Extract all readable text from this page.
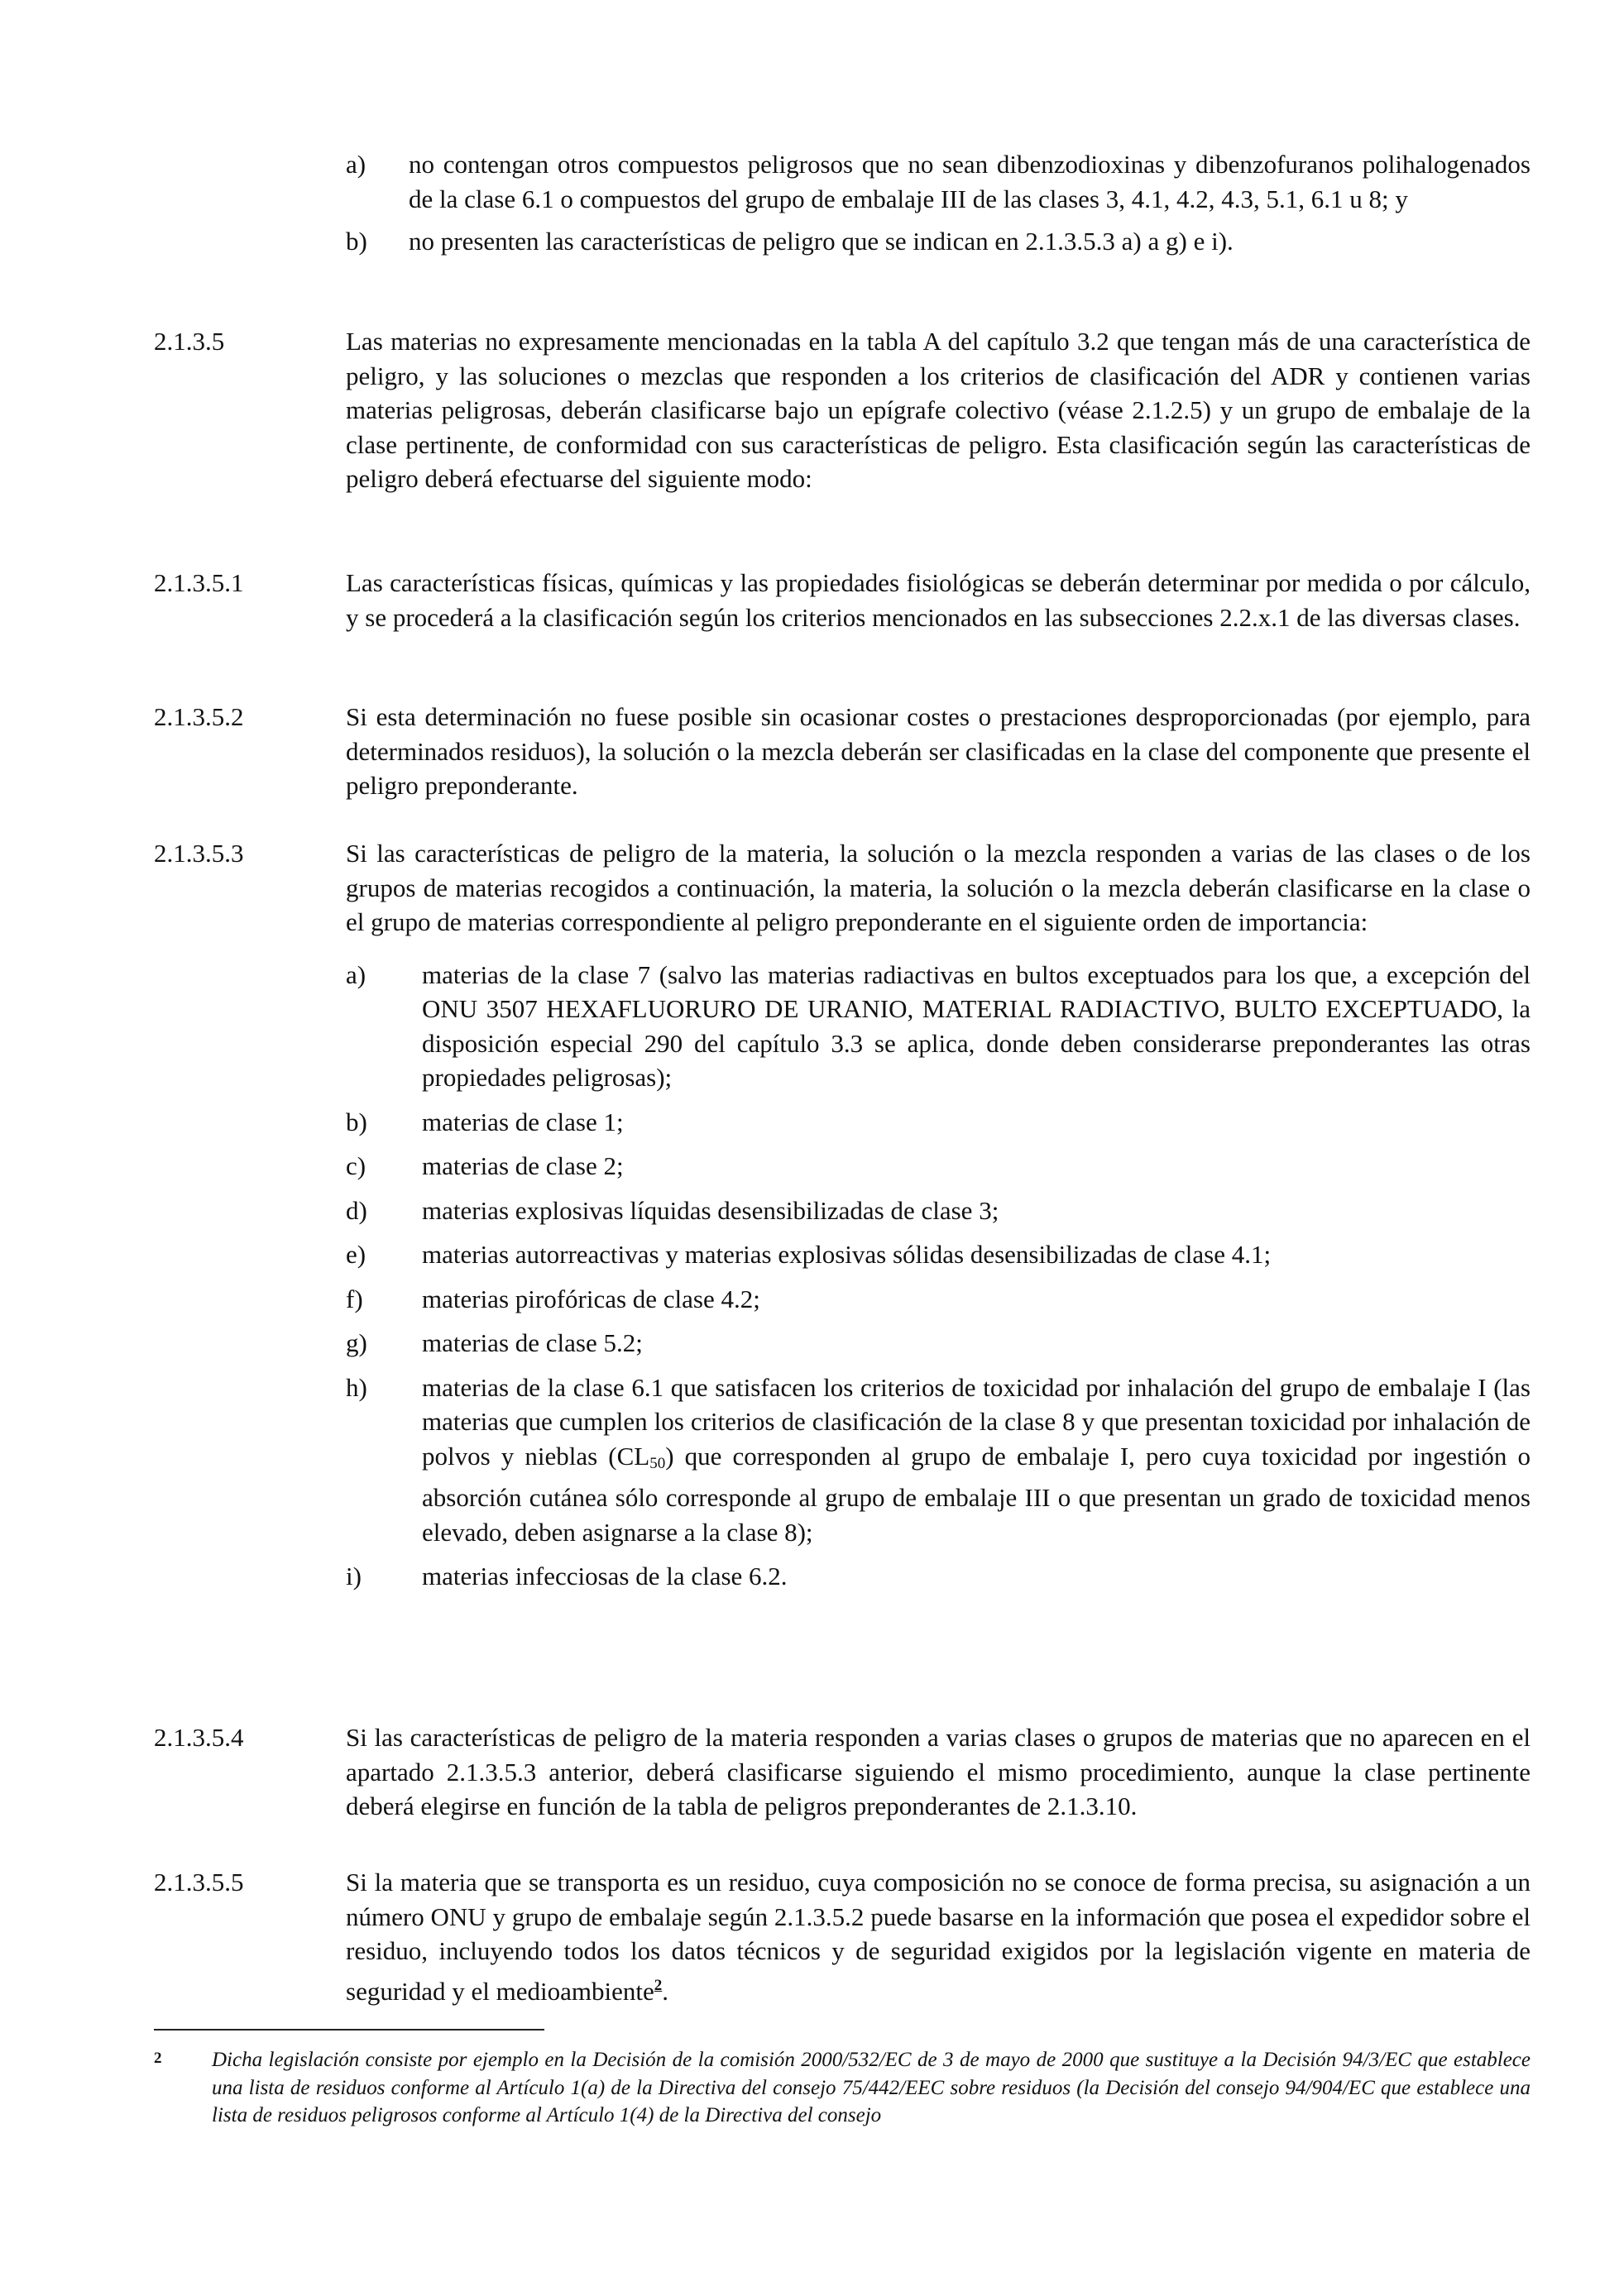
a)	no contengan otros compuestos peligrosos que no sean dibenzodioxinas y dibenzofuranos polihalogenados de la clase 6.1 o compuestos del grupo de embalaje III de las clases 3, 4.1, 4.2, 4.3, 5.1, 6.1 u 8; y

b)	no presenten las características de peligro que se indican en 2.1.3.5.3 a) a g) e i).

2.1.3.5	Las materias no expresamente mencionadas en la tabla A del capítulo 3.2 que tengan más de una característica de peligro, y las soluciones o mezclas que responden a los criterios de clasificación del ADR y contienen varias materias peligrosas, deberán clasificarse bajo un epígrafe colectivo (véase 2.1.2.5) y un grupo de embalaje de la clase pertinente, de conformidad con sus características de peligro. Esta clasificación según las características de peligro deberá efectuarse del siguiente modo:

2.1.3.5.1	Las características físicas, químicas y las propiedades fisiológicas se deberán determinar por medida o por cálculo, y se procederá a la clasificación según los criterios mencionados en las subsecciones 2.2.x.1 de las diversas clases.

2.1.3.5.2	Si esta determinación no fuese posible sin ocasionar costes o prestaciones desproporcionadas (por ejemplo, para determinados residuos), la solución o la mezcla deberán ser clasificadas en la clase del componente que presente el peligro preponderante.

2.1.3.5.3	Si las características de peligro de la materia, la solución o la mezcla responden a varias de las clases o de los grupos de materias recogidos a continuación, la materia, la solución o la mezcla deberán clasificarse en la clase o el grupo de materias correspondiente al peligro preponderante en el siguiente orden de importancia:

a)	materias de la clase 7 (salvo las materias radiactivas en bultos exceptuados para los que, a excepción del ONU 3507 HEXAFLUORURO DE URANIO, MATERIAL RADIACTIVO, BULTO EXCEPTUADO, la disposición especial 290 del capítulo 3.3 se aplica, donde deben considerarse preponderantes las otras propiedades peligrosas);

b)	materias de clase 1;

c)	materias de clase 2;

d)	materias explosivas líquidas desensibilizadas de clase 3;

e)	materias autorreactivas y materias explosivas sólidas desensibilizadas de clase 4.1;

f)	materias pirofóricas de clase 4.2;

g)	materias de clase 5.2;

h)	materias de la clase 6.1 que satisfacen los criterios de toxicidad por inhalación del grupo de embalaje I (las materias que cumplen los criterios de clasificación de la clase 8 y que presentan toxicidad por inhalación de polvos y nieblas $(CL_{50})$ que corresponden al grupo de embalaje I, pero cuya toxicidad por ingestión o absorción cutánea sólo corresponde al grupo de embalaje III o que presentan un grado de toxicidad menos elevado, deben asignarse a la clase 8);

i)	materias infecciosas de la clase 6.2.

2.1.3.5.4	Si las características de peligro de la materia responden a varias clases o grupos de materias que no aparecen en el apartado 2.1.3.5.3 anterior, deberá clasificarse siguiendo el mismo procedimiento, aunque la clase pertinente deberá elegirse en función de la tabla de peligros preponderantes de 2.1.3.10.

2.1.3.5.5	Si la materia que se transporta es un residuo, cuya composición no se conoce de forma precisa, su asignación a un número ONU y grupo de embalaje según 2.1.3.5.2 puede basarse en la información que posea el expedidor sobre el residuo, incluyendo todos los datos técnicos y de seguridad exigidos por la legislación vigente en materia de seguridad y el medioambiente$^2$.

2	Dicha legislación consiste por ejemplo en la Decisión de la comisión 2000/532/EC de 3 de mayo de 2000 que sustituye a la Decisión 94/3/EC que establece una lista de residuos conforme al Artículo 1(a) de la Directiva del consejo 75/442/EEC sobre residuos (la Decisión del consejo 94/904/EC que establece una lista de residuos peligrosos conforme al Artículo 1(4) de la Directiva del consejo
